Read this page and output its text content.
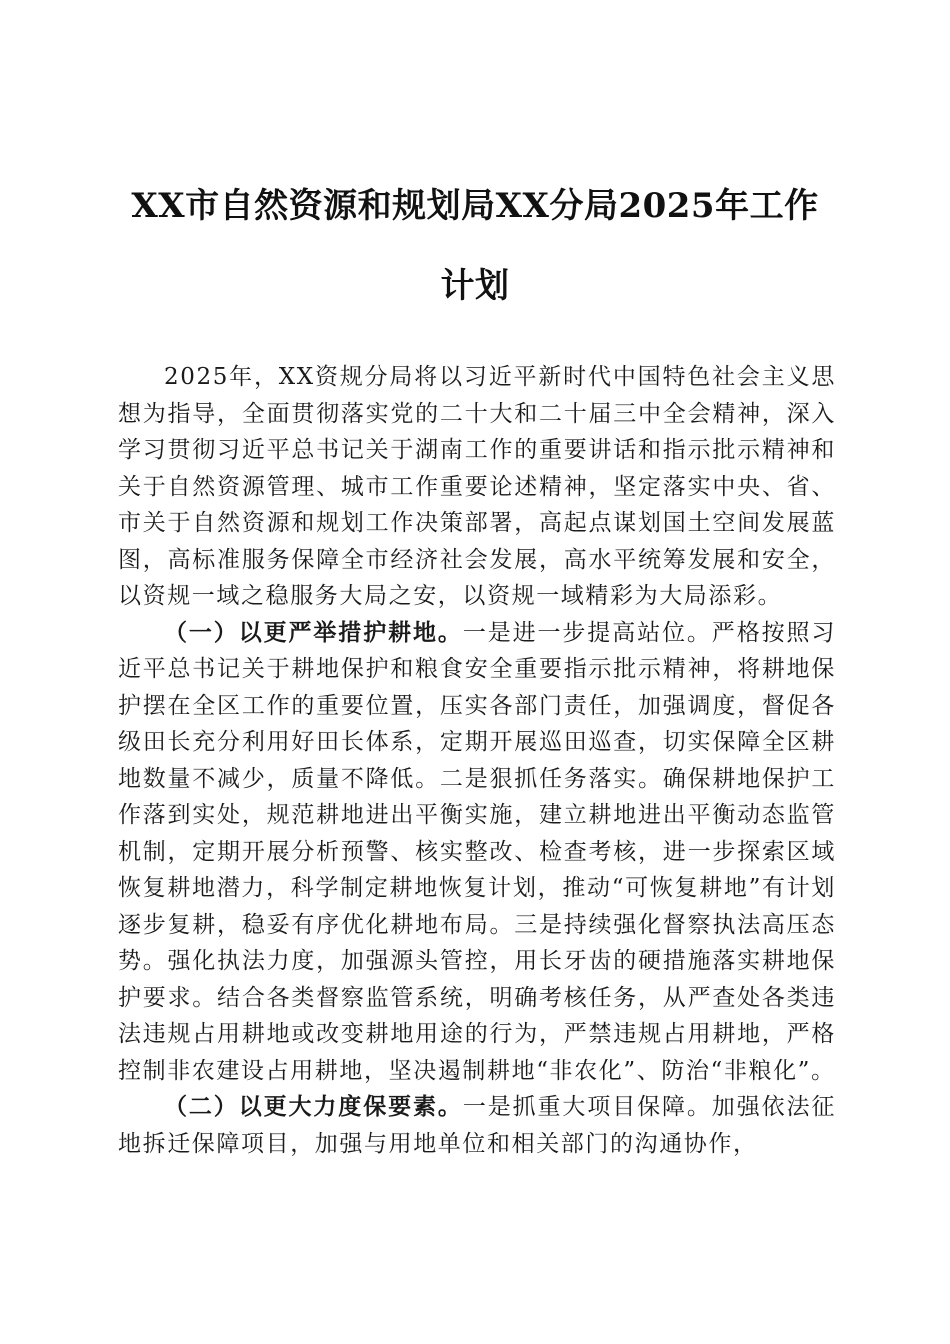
XX市自然资源和规划局XX分局2025年工作
计划

2025年，XX资规分局将以习近平新时代中国特色社会主义思想为指导，全面贯彻落实党的二十大和二十届三中全会精神，深入学习贯彻习近平总书记关于湖南工作的重要讲话和指示批示精神和关于自然资源管理、城市工作重要论述精神，坚定落实中央、省、市关于自然资源和规划工作决策部署，高起点谋划国土空间发展蓝图，高标准服务保障全市经济社会发展，高水平统筹发展和安全，以资规一域之稳服务大局之安，以资规一域精彩为大局添彩。

（一）以更严举措护耕地。一是进一步提高站位。严格按照习近平总书记关于耕地保护和粮食安全重要指示批示精神，将耕地保护摆在全区工作的重要位置，压实各部门责任，加强调度，督促各级田长充分利用好田长体系，定期开展巡田巡查，切实保障全区耕地数量不减少，质量不降低。二是狠抓任务落实。确保耕地保护工作落到实处，规范耕地进出平衡实施，建立耕地进出平衡动态监管机制，定期开展分析预警、核实整改、检查考核，进一步探索区域恢复耕地潜力，科学制定耕地恢复计划，推动“可恢复耕地”有计划逐步复耕，稳妥有序优化耕地布局。三是持续强化督察执法高压态势。强化执法力度，加强源头管控，用长牙齿的硬措施落实耕地保护要求。结合各类督察监管系统，明确考核任务，从严查处各类违法违规占用耕地或改变耕地用途的行为，严禁违规占用耕地，严格控制非农建设占用耕地，坚决遏制耕地“非农化”、防治“非粮化”。

（二）以更大力度保要素。一是抓重大项目保障。加强依法征地拆迁保障项目，加强与用地单位和相关部门的沟通协作，
